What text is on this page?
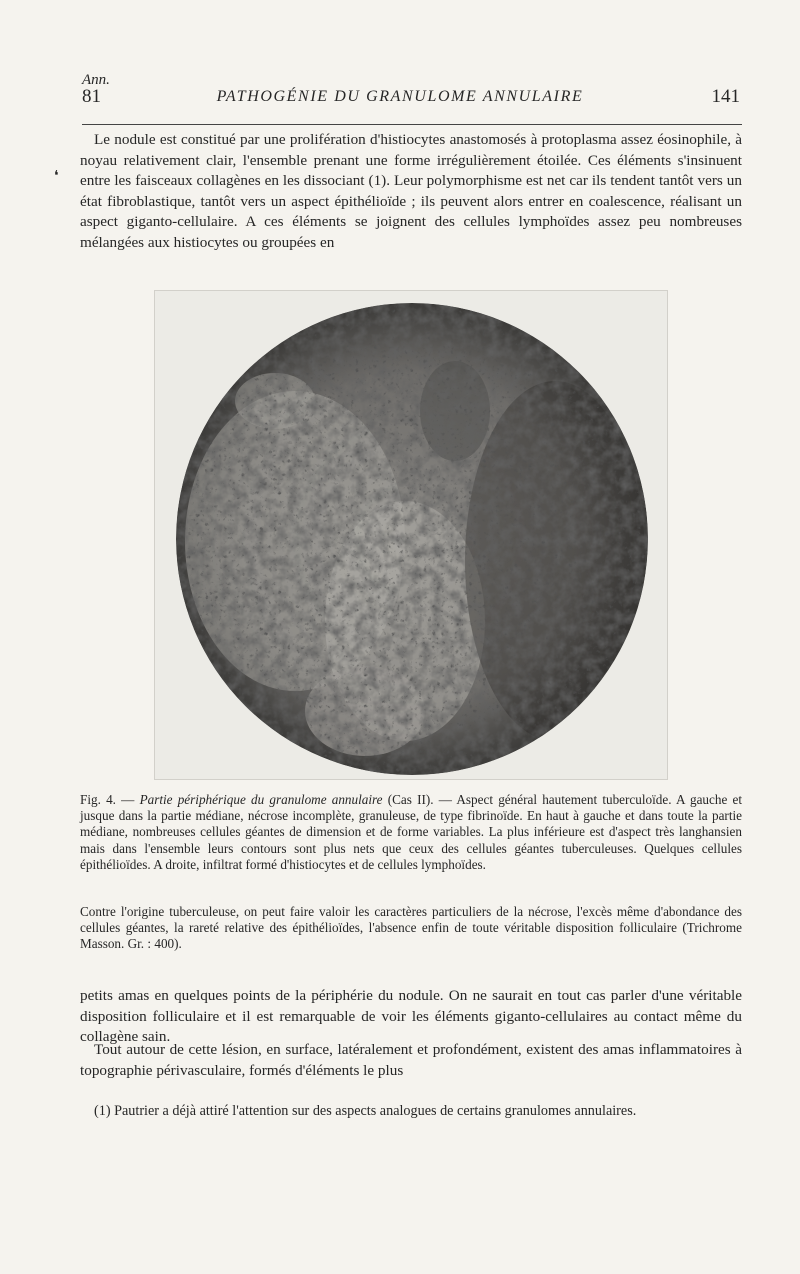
Ann.
81	PATHOGÉNIE DU GRANULOME ANNULAIRE	141
❛

Le nodule est constitué par une prolifération d'histiocytes anastomosés à protoplasma assez éosinophile, à noyau relativement clair, l'ensemble prenant une forme irrégulièrement étoilée. Ces éléments s'insinuent entre les faisceaux collagènes en les dissociant (1). Leur polymorphisme est net car ils tendent tantôt vers un état fibroblastique, tantôt vers un aspect épithélioïde ; ils peuvent alors entrer en coalescence, réalisant un aspect giganto-cellulaire. A ces éléments se joignent des cellules lymphoïdes assez peu nombreuses mélangées aux histiocytes ou groupées en

Fig. 4. — Partie périphérique du granulome annulaire (Cas II). — Aspect général hautement tuberculoïde. A gauche et jusque dans la partie médiane, nécrose incomplète, granuleuse, de type fibrinoïde. En haut à gauche et dans toute la partie médiane, nombreuses cellules géantes de dimension et de forme variables. La plus inférieure est d'aspect très langhansien mais dans l'ensemble leurs contours sont plus nets que ceux des cellules géantes tuberculeuses. Quelques cellules épithélioïdes. A droite, infiltrat formé d'histiocytes et de cellules lymphoïdes.

Contre l'origine tuberculeuse, on peut faire valoir les caractères particuliers de la nécrose, l'excès même d'abondance des cellules géantes, la rareté relative des épithélioïdes, l'absence enfin de toute véritable disposition folliculaire (Trichrome Masson. Gr. : 400).

petits amas en quelques points de la périphérie du nodule. On ne saurait en tout cas parler d'une véritable disposition folliculaire et il est remarquable de voir les éléments giganto-cellulaires au contact même du collagène sain.

Tout autour de cette lésion, en surface, latéralement et profondément, existent des amas inflammatoires à topographie périvasculaire, formés d'éléments le plus

(1) Pautrier a déjà attiré l'attention sur des aspects analogues de certains granulomes annulaires.
